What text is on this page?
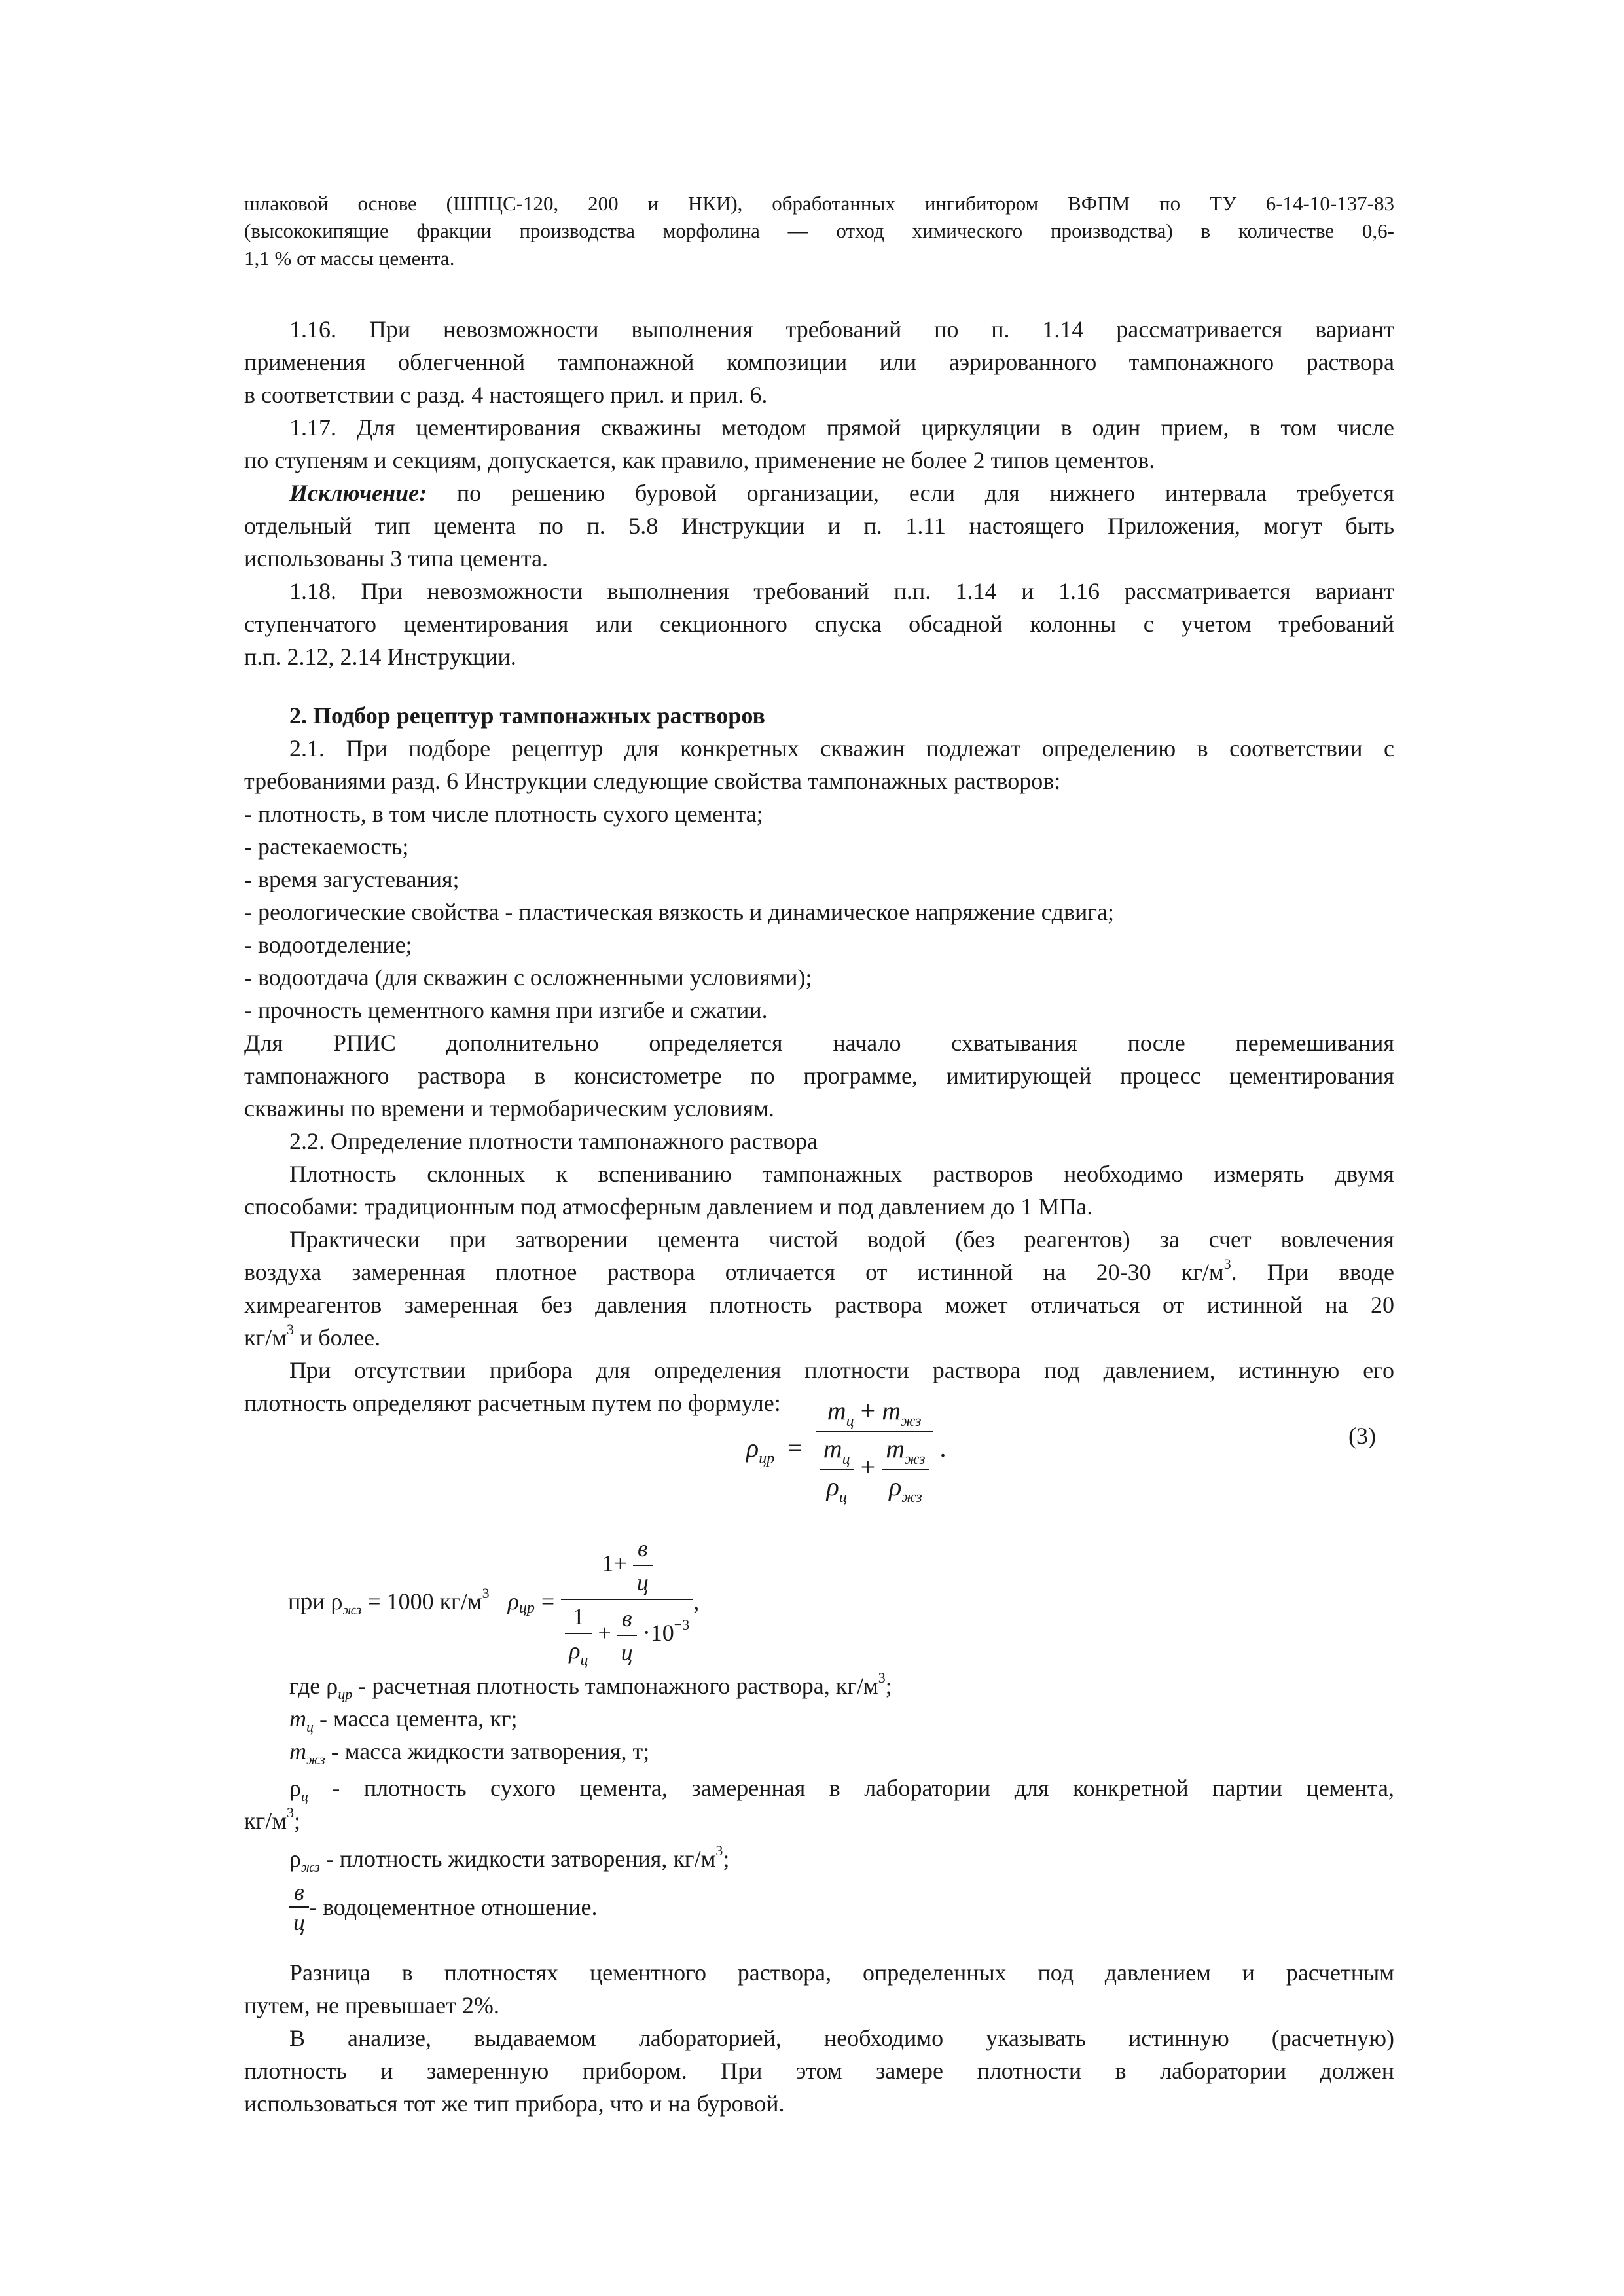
шлаковой основе (ШПЦС-120, 200 и НКИ), обработанных ингибитором ВФПМ по ТУ 6-14-10-137-83
(высококипящие фракции производства морфолина — отход химического производства) в количестве 0,6-
1,1 % от массы цемента.
1.16. При невозможности выполнения требований по п. 1.14 рассматривается вариант
применения облегченной тампонажной композиции или аэрированного тампонажного раствора
в соответствии с разд. 4 настоящего прил. и прил. 6.
1.17. Для цементирования скважины методом прямой циркуляции в один прием, в том числе
по ступеням и секциям, допускается, как правило, применение не более 2 типов цементов.
Исключение: по решению буровой организации, если для нижнего интервала требуется
отдельный тип цемента по п. 5.8 Инструкции и п. 1.11 настоящего Приложения, могут быть
использованы 3 типа цемента.
1.18. При невозможности выполнения требований п.п. 1.14 и 1.16 рассматривается вариант
ступенчатого цементирования или секционного спуска обсадной колонны с учетом требований
п.п. 2.12, 2.14 Инструкции.
2. Подбор рецептур тампонажных растворов
2.1. При подборе рецептур для конкретных скважин подлежат определению в соответствии с
требованиями разд. 6 Инструкции следующие свойства тампонажных растворов:
- плотность, в том числе плотность сухого цемента;
- растекаемость;
- время загустевания;
- реологические свойства - пластическая вязкость и динамическое напряжение сдвига;
- водоотделение;
- водоотдача (для скважин с осложненными условиями);
- прочность цементного камня при изгибе и сжатии.
Для РПИС дополнительно определяется начало схватывания после перемешивания
тампонажного раствора в консистометре по программе, имитирующей процесс цементирования
скважины по времени и термобарическим условиям.
2.2. Определение плотности тампонажного раствора
Плотность склонных к вспениванию тампонажных растворов необходимо измерять двумя
способами: традиционным под атмосферным давлением и под давлением до 1 МПа.
Практически при затворении цемента чистой водой (без реагентов) за счет вовлечения
воздуха замеренная плотное раствора отличается от истинной на 20-30 $кг/м^3$. При вводе
химреагентов замеренная без давления плотность раствора может отличаться от истинной на 20
$кг/м^3$ и более.
При отсутствии прибора для определения плотности раствора под давлением, истинную его
плотность определяют расчетным путем по формуле:
$\rho_{цр}$ =
$m_ц + m_{жз}$
$\frac{m_ц}{\rho_ц} + \frac{m_{жз}}{\rho_{жз}}$ .	(3)
при $\rho_{жз} = 1000$ $кг/м^3$ ρ цр =
$1+ \frac{в}{ц}$
$\frac{1}{\rho_ц} + \frac{в}{ц} \cdot 10^{-3}$
,
где $\rho_{цр}$ - расчетная плотность тампонажного раствора, $кг/м^3$;
$m_ц$ - масса цемента, кг;
$m_{жз}$ - масса жидкости затворения, т;
$\rho_ц$ - плотность сухого цемента, замеренная в лаборатории для конкретной партии цемента,
$кг/м^3$;
$\rho_{жз}$ - плотность жидкости затворения, $кг/м^3$;
$\frac{в}{ц}$ - водоцементное отношение.
Разница в плотностях цементного раствора, определенных под давлением и расчетным
путем, не превышает 2%.
В анализе, выдаваемом лабораторией, необходимо указывать истинную (расчетную)
плотность и замеренную прибором. При этом замере плотности в лаборатории должен
использоваться тот же тип прибора, что и на буровой.
